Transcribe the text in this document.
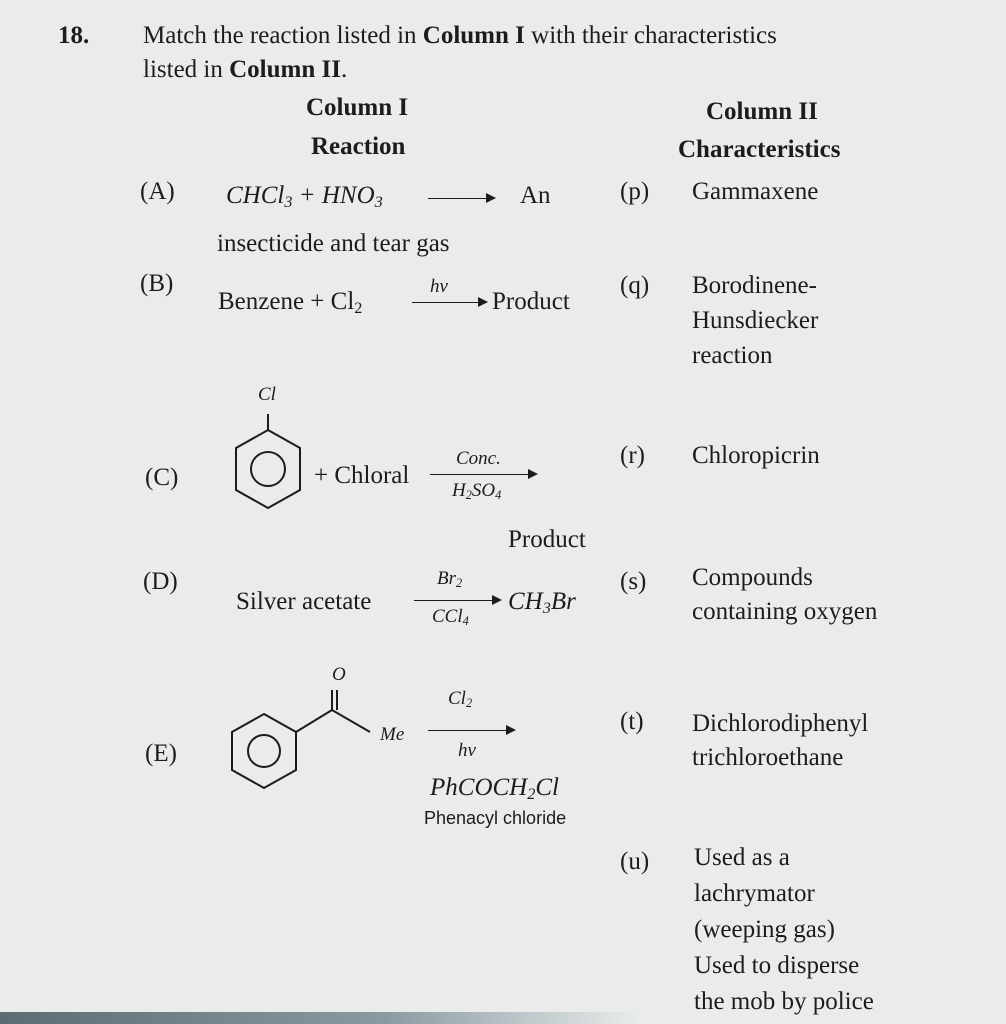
18. Match the reaction listed in Column I with their characteristics
listed in Column II.
Column I
Reaction
Column II
Characteristics
(A) CHCl$_3$ + $HNO_3$	An
insecticide and tear gas
(B)
Benzene + $Cl_2$
hν
Product
(C)
Cl
+ Chloral
Conc.
$H_2SO_4$
Product
(D)
Silver acetate
$Br_2$
CCl$_4$
$CH_3Br$
(E)
O
Me
$Cl_2$
hν
PhCOCH$_2$Cl
Phenacyl chloride
(p) Gammaxene
(q) Borodinene-
Hunsdiecker
reaction
(r) Chloropicrin
(s) Compounds
containing oxygen
(t) Dichlorodiphenyl
trichloroethane
(u) Used as a
lachrymator
(weeping gas)
Used to disperse
the mob by police
